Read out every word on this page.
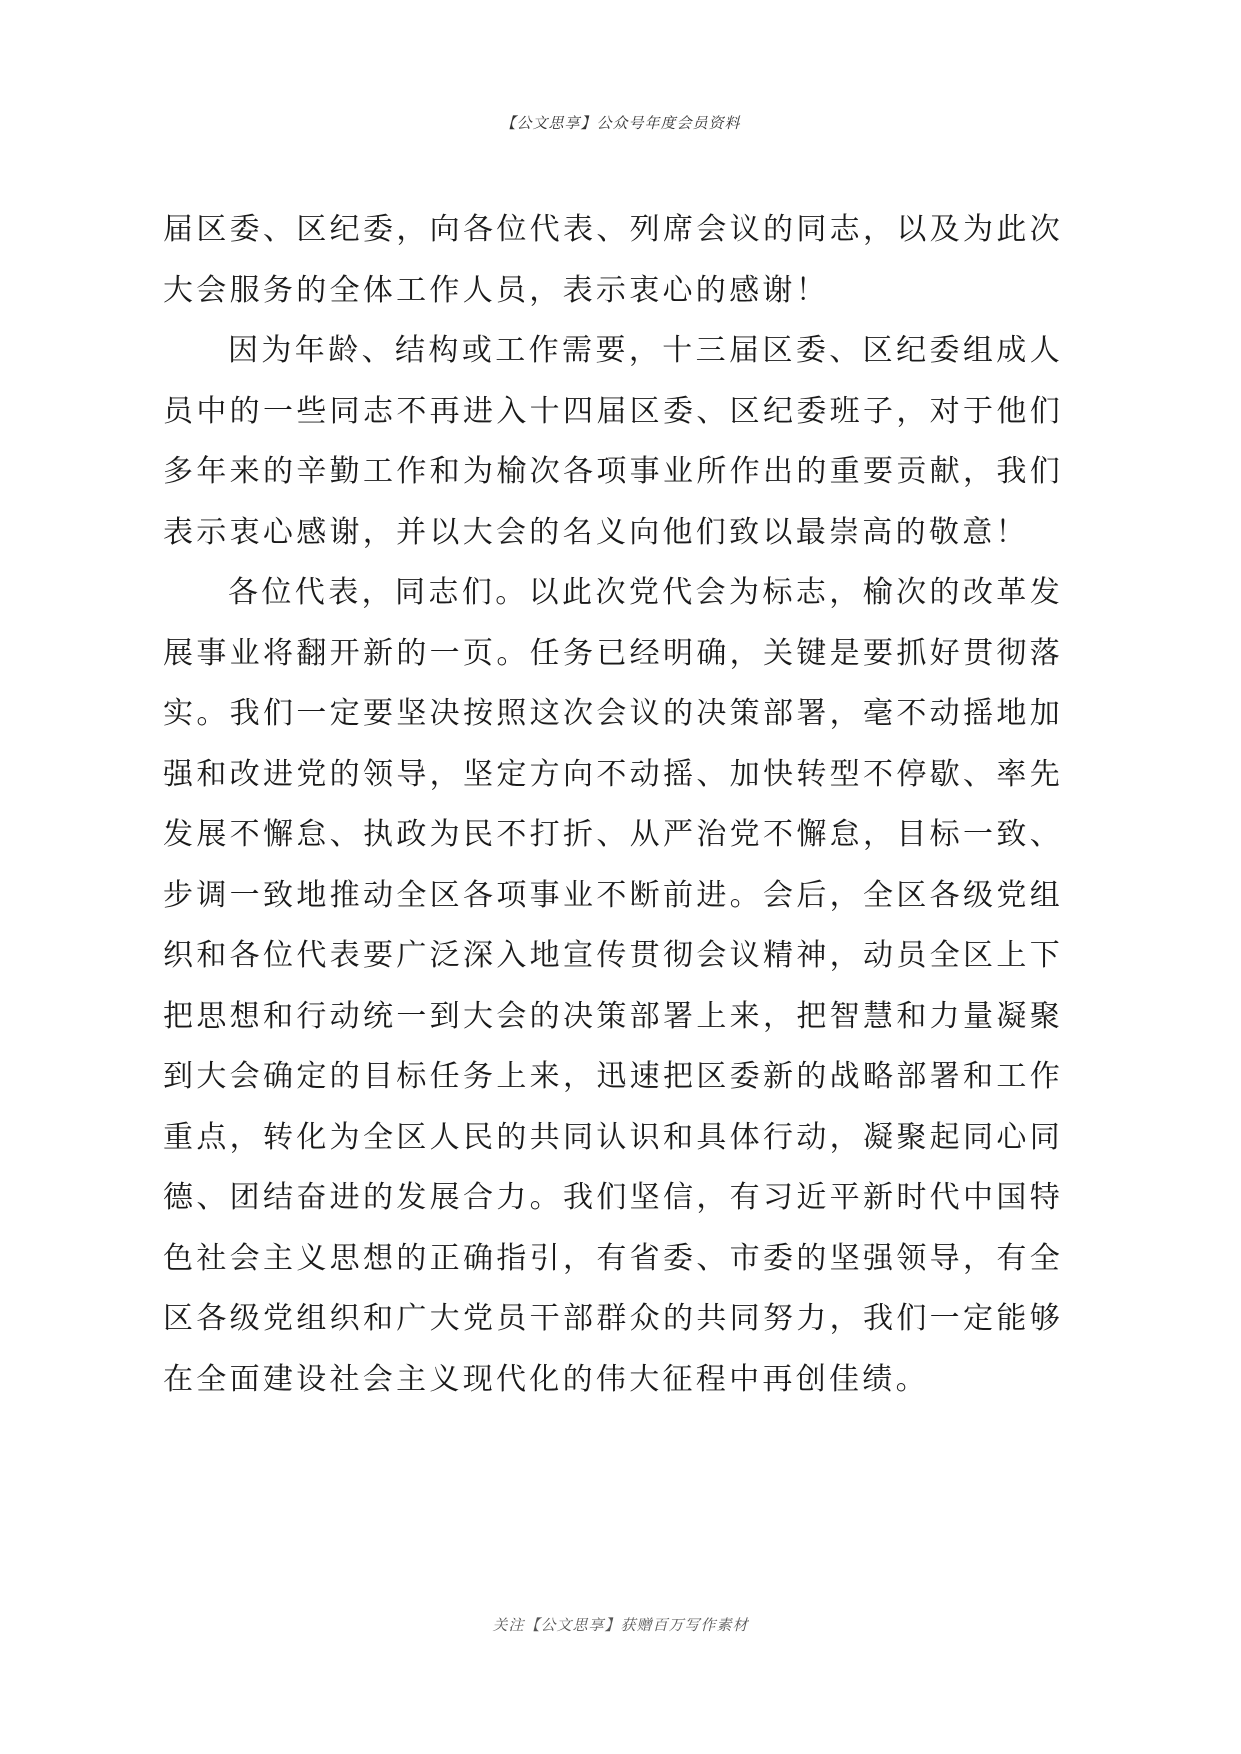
【公文思享】公众号年度会员资料

届区委、区纪委，向各位代表、列席会议的同志，以及为此次大会服务的全体工作人员，表示衷心的感谢！

因为年龄、结构或工作需要，十三届区委、区纪委组成人员中的一些同志不再进入十四届区委、区纪委班子，对于他们多年来的辛勤工作和为榆次各项事业所作出的重要贡献，我们表示衷心感谢，并以大会的名义向他们致以最崇高的敬意！

各位代表，同志们。以此次党代会为标志，榆次的改革发展事业将翻开新的一页。任务已经明确，关键是要抓好贯彻落实。我们一定要坚决按照这次会议的决策部署，毫不动摇地加强和改进党的领导，坚定方向不动摇、加快转型不停歇、率先发展不懈怠、执政为民不打折、从严治党不懈怠，目标一致、步调一致地推动全区各项事业不断前进。会后，全区各级党组织和各位代表要广泛深入地宣传贯彻会议精神，动员全区上下把思想和行动统一到大会的决策部署上来，把智慧和力量凝聚到大会确定的目标任务上来，迅速把区委新的战略部署和工作重点，转化为全区人民的共同认识和具体行动，凝聚起同心同德、团结奋进的发展合力。我们坚信，有习近平新时代中国特色社会主义思想的正确指引，有省委、市委的坚强领导，有全区各级党组织和广大党员干部群众的共同努力，我们一定能够在全面建设社会主义现代化的伟大征程中再创佳绩。

关注【公文思享】获赠百万写作素材
